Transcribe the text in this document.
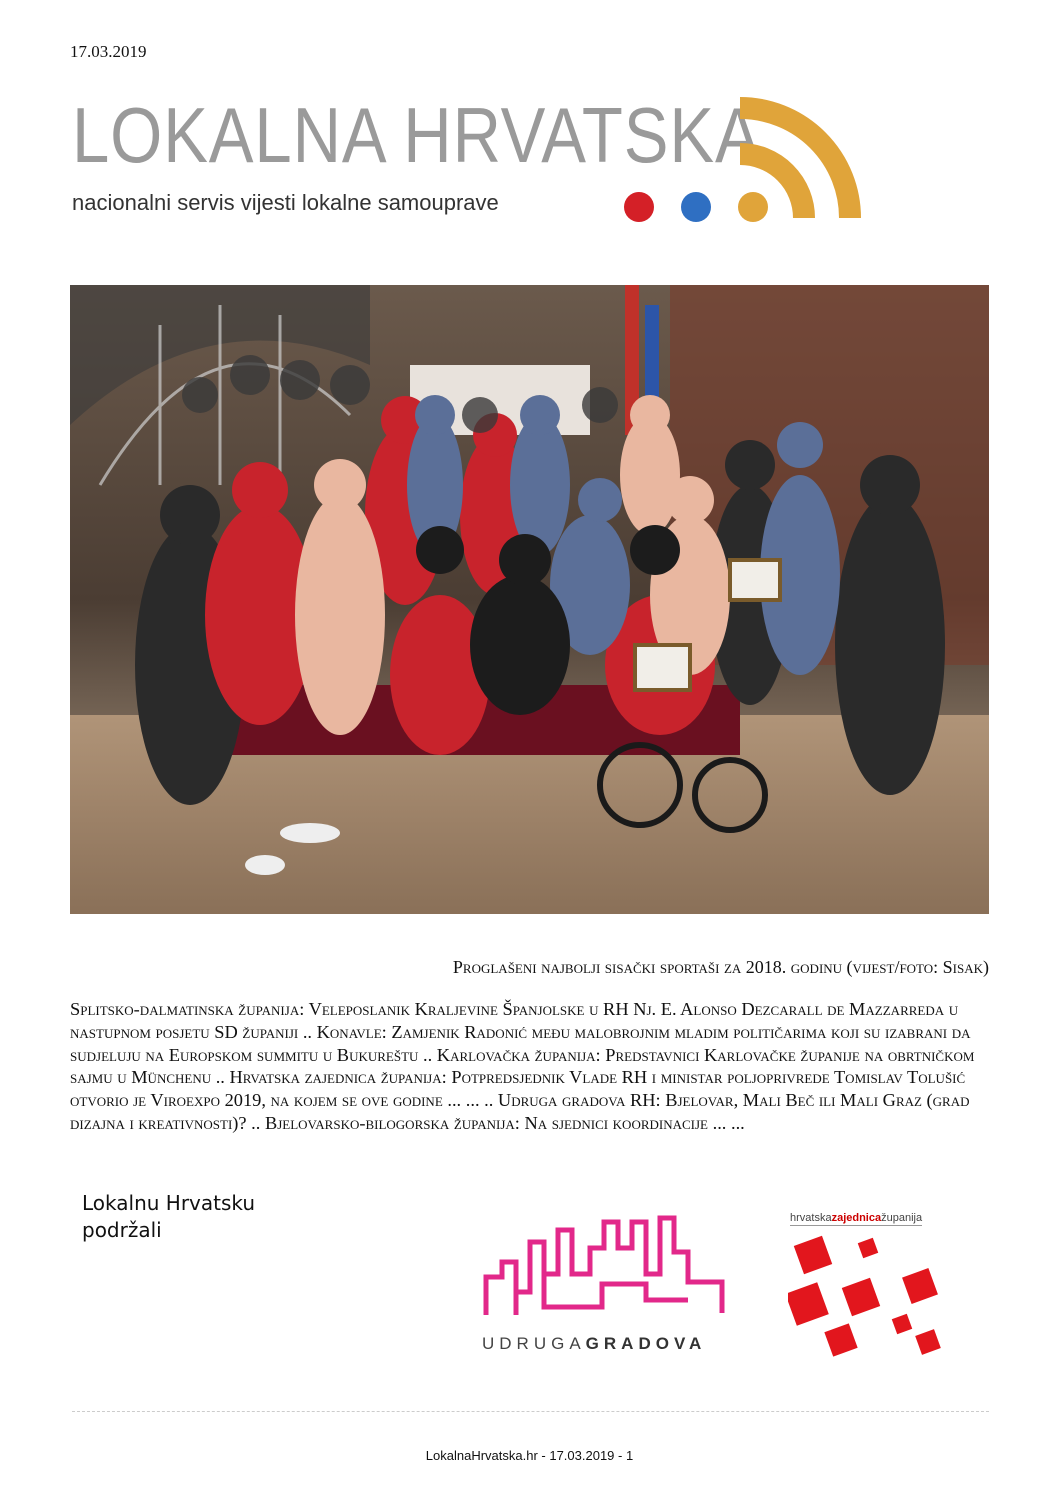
17.03.2019
LOKALNA HRVATSKA
nacionalni servis vijesti lokalne samouprave
Proglašeni najbolji sisački sportaši za 2018. godinu (vijest/foto: Sisak)
Splitsko-dalmatinska županija: Veleposlanik Kraljevine Španjolske u RH Nj. E. Alonso Dezcarall de Mazzarreda u nastupnom posjetu SD županiji .. Konavle: Zamjenik Radonić među malobrojnim mladim političarima koji su izabrani da sudjeluju na Europskom summitu u Bukureštu .. Karlovačka županija: Predstavnici Karlovačke županije na obrtničkom sajmu u Münchenu .. Hrvatska zajednica županija: Potpredsjednik Vlade RH i ministar poljoprivrede Tomislav Tolušić otvorio je Viroexpo 2019, na kojem se ove godine ... ... .. Udruga gradova RH: Bjelovar, Mali Beč ili Mali Graz (grad dizajna i kreativnosti)? .. Bjelovarsko-bilogorska županija: Na sjednici koordinacije ... ...
Lokalnu Hrvatsku
podržali
UDRUGAGRADOVA
hrvatskazajednicažupanija
LokalnaHrvatska.hr - 17.03.2019 - 1
